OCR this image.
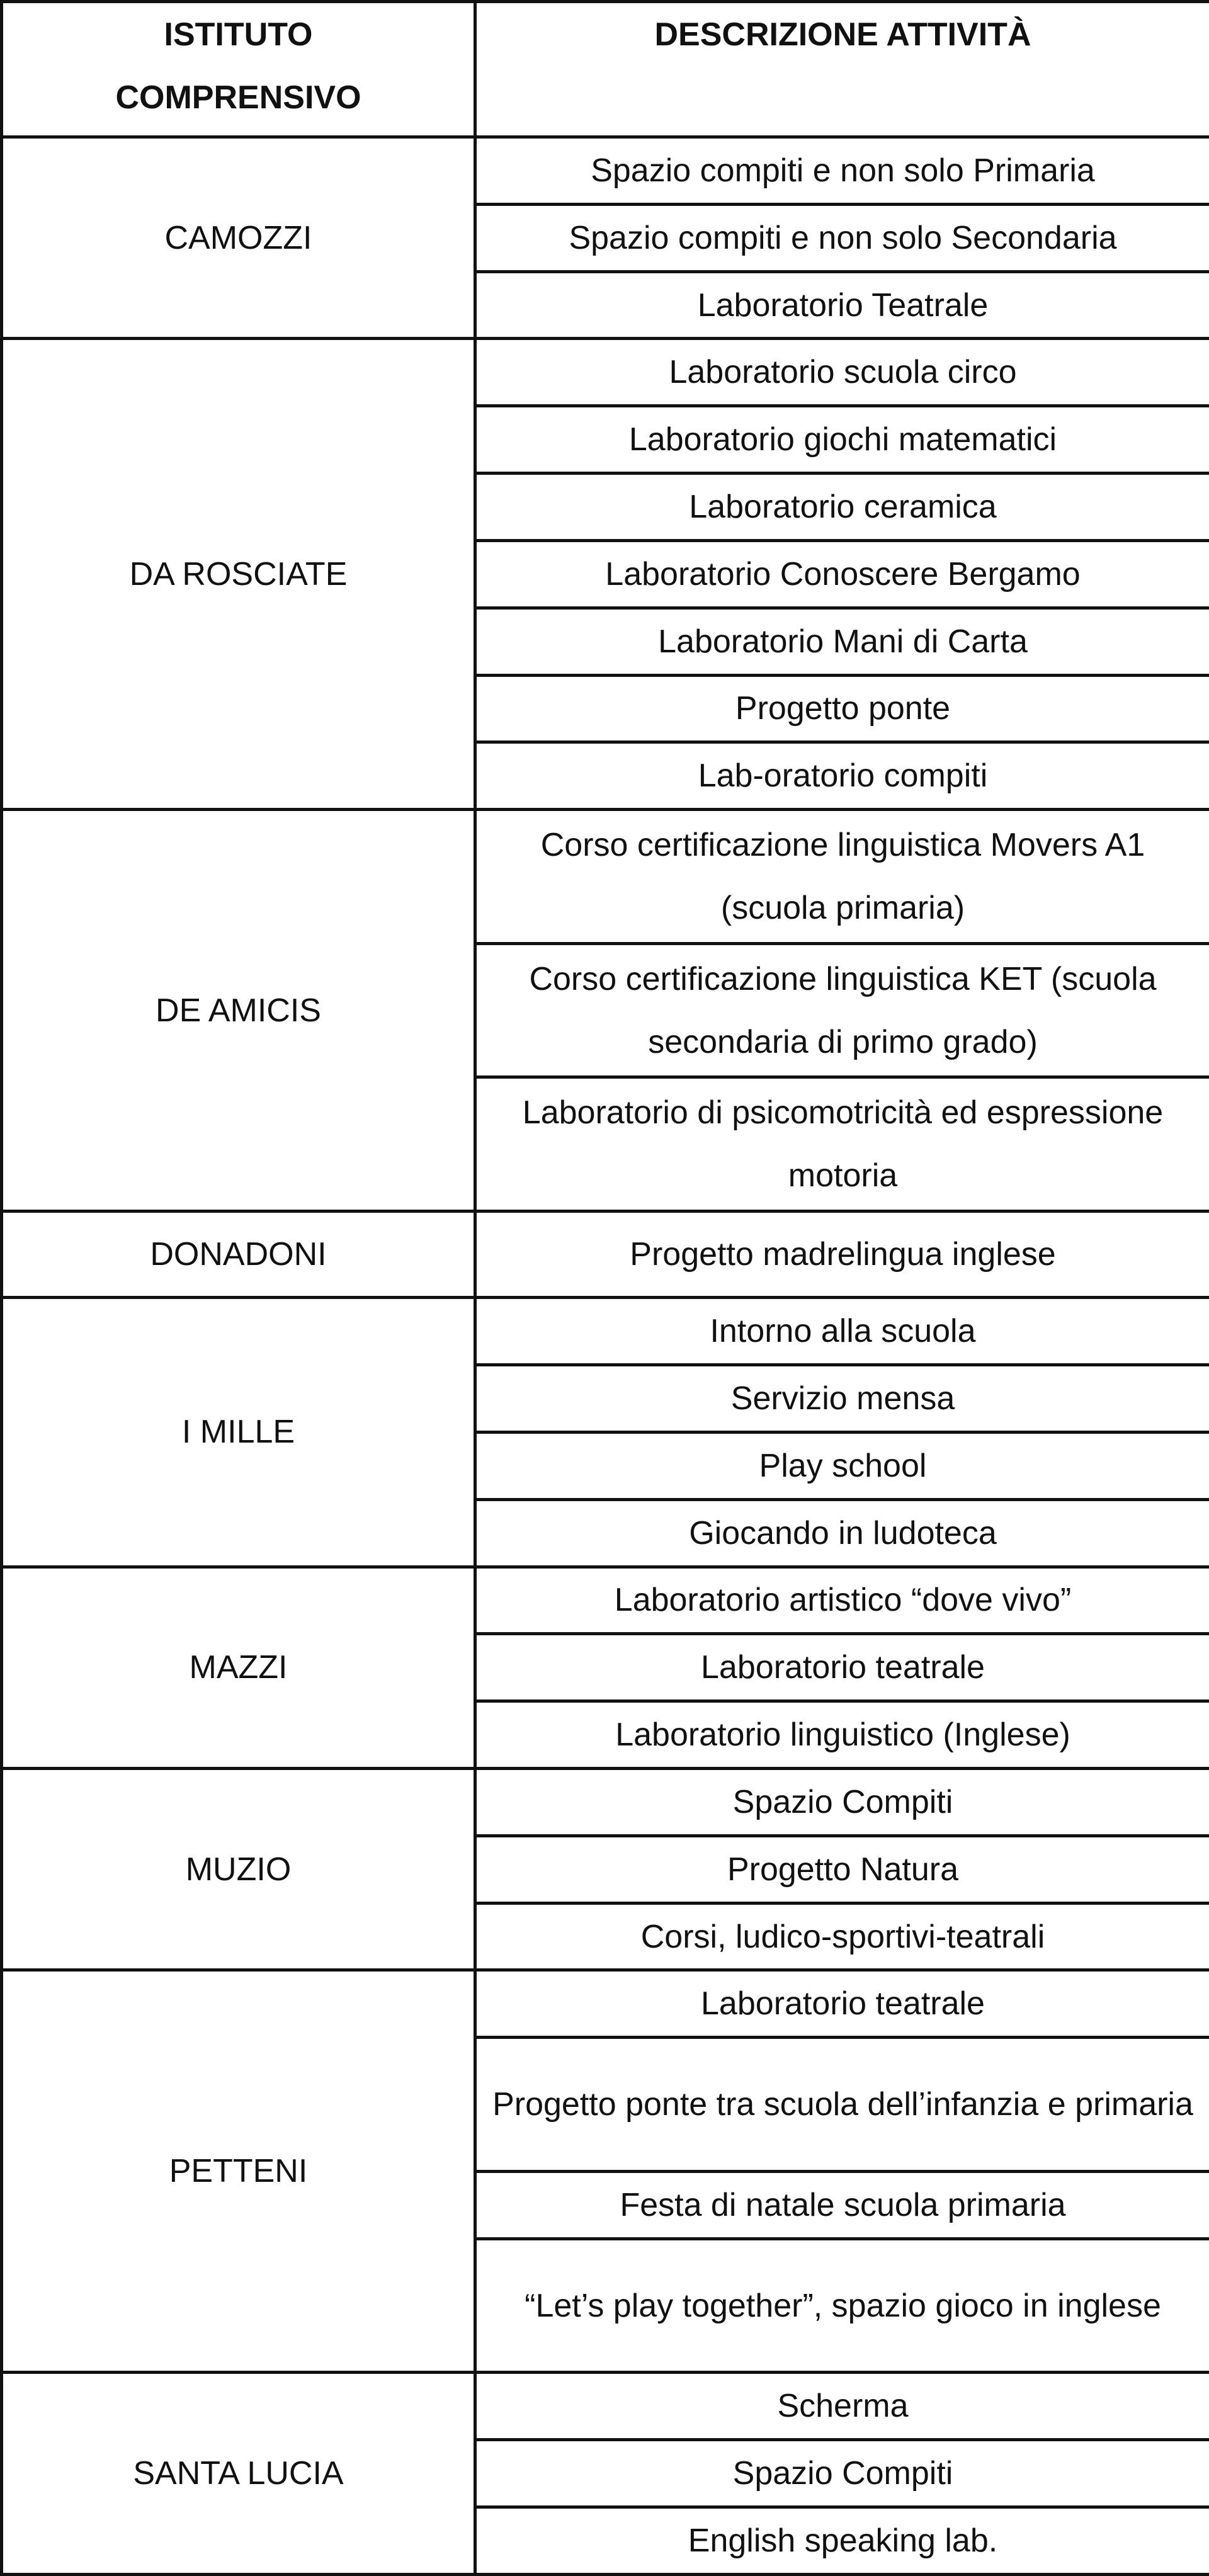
ISTITUTO
COMPRENSIVO	DESCRIZIONE ATTIVITÀ
CAMOZZI	Spazio compiti e non solo Primaria
	Spazio compiti e non solo Secondaria
	Laboratorio Teatrale
DA ROSCIATE	Laboratorio scuola circo
	Laboratorio giochi matematici
	Laboratorio ceramica
	Laboratorio Conoscere Bergamo
	Laboratorio Mani di Carta
	Progetto ponte
	Lab-oratorio compiti
DE AMICIS	Corso certificazione linguistica Movers A1 (scuola primaria)
	Corso certificazione linguistica KET (scuola secondaria di primo grado)
	Laboratorio di psicomotricità ed espressione motoria
DONADONI	Progetto madrelingua inglese
I MILLE	Intorno alla scuola
	Servizio mensa
	Play school
	Giocando in ludoteca
MAZZI	Laboratorio artistico “dove vivo”
	Laboratorio teatrale
	Laboratorio linguistico (Inglese)
MUZIO	Spazio Compiti
	Progetto Natura
	Corsi, ludico-sportivi-teatrali
PETTENI	Laboratorio teatrale
	Progetto ponte tra scuola dell’infanzia e primaria
	Festa di natale scuola primaria
	“Let’s play together”, spazio gioco in inglese
SANTA LUCIA	Scherma
	Spazio Compiti
	English speaking lab.
